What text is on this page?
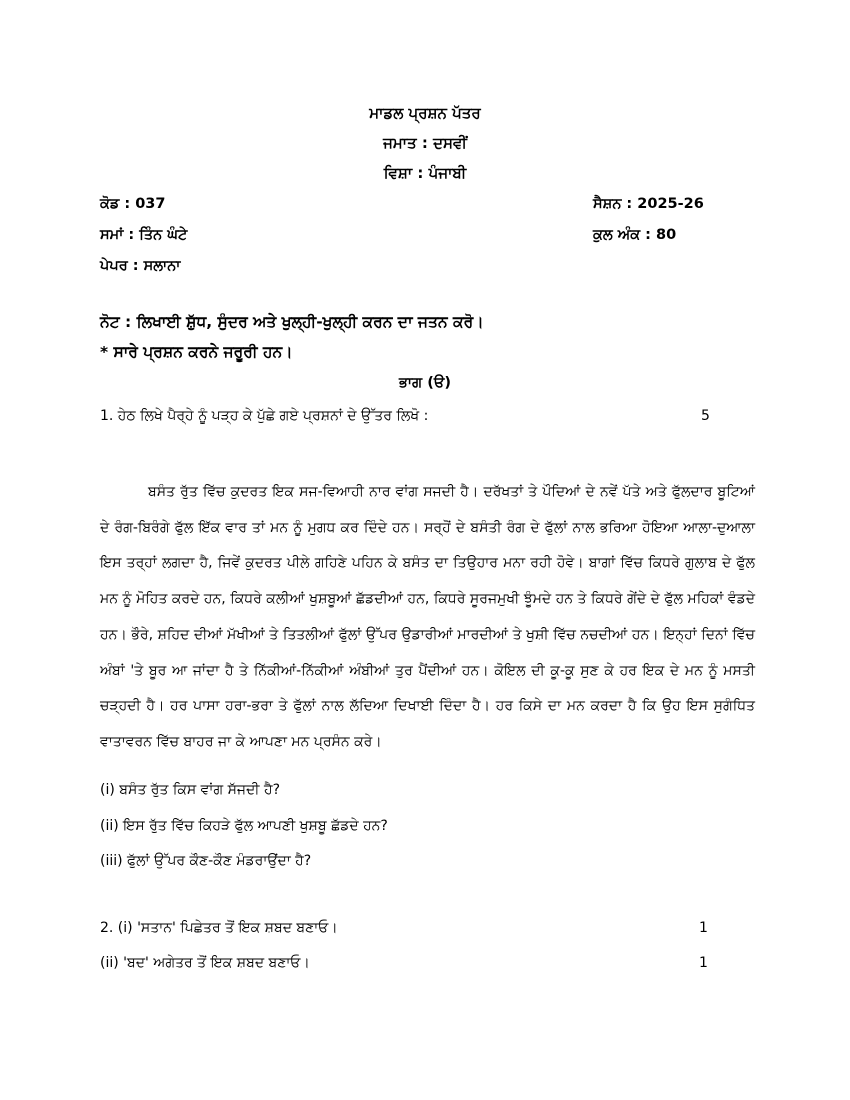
ਮਾਡਲ ਪ੍ਰਸ਼ਨ ਪੱਤਰ
ਜਮਾਤ : ਦਸਵੀਂ
ਵਿਸ਼ਾ : ਪੰਜਾਬੀ
ਕੋਡ : 037	ਸੈਸ਼ਨ : 2025-26
ਸਮਾਂ : ਤਿੰਨ ਘੰਟੇ	ਕੁਲ ਅੰਕ : 80
ਪੇਪਰ : ਸਲਾਨਾ
ਨੋਟ : ਲਿਖਾਈ ਸ਼ੁੱਧ, ਸੁੰਦਰ ਅਤੇ ਖੁਲ੍ਹੀ-ਖੁਲ੍ਹੀ ਕਰਨ ਦਾ ਜਤਨ ਕਰੋ।
* ਸਾਰੇ ਪ੍ਰਸ਼ਨ ਕਰਨੇ ਜਰੂਰੀ ਹਨ।
ਭਾਗ (ੳ)
1. ਹੇਠ ਲਿਖੇ ਪੈਰ੍ਹੇ ਨੂੰ ਪੜ੍ਹ ਕੇ ਪੁੱਛੇ ਗਏ ਪ੍ਰਸ਼ਨਾਂ ਦੇ ਉੱਤਰ ਲਿਖੋ :	5

ਬਸੰਤ ਰੁੱਤ ਵਿੱਚ ਕੁਦਰਤ ਇਕ ਸਜ-ਵਿਆਹੀ ਨਾਰ ਵਾਂਗ ਸਜਦੀ ਹੈ। ਦਰੱਖਤਾਂ ਤੇ ਪੌਦਿਆਂ ਦੇ ਨਵੇਂ ਪੱਤੇ ਅਤੇ ਫੁੱਲਦਾਰ ਬੂਟਿਆਂ ਦੇ ਰੰਗ-ਬਿਰੰਗੇ ਫੁੱਲ ਇੱਕ ਵਾਰ ਤਾਂ ਮਨ ਨੂੰ ਮੁਗਧ ਕਰ ਦਿੰਦੇ ਹਨ। ਸਰ੍ਹੋਂ ਦੇ ਬਸੰਤੀ ਰੰਗ ਦੇ ਫੁੱਲਾਂ ਨਾਲ ਭਰਿਆ ਹੋਇਆ ਆਲਾ-ਦੁਆਲਾ ਇਸ ਤਰ੍ਹਾਂ ਲਗਦਾ ਹੈ, ਜਿਵੇਂ ਕੁਦਰਤ ਪੀਲੇ ਗਹਿਣੇ ਪਹਿਨ ਕੇ ਬਸੰਤ ਦਾ ਤਿਉਹਾਰ ਮਨਾ ਰਹੀ ਹੋਵੇ। ਬਾਗਾਂ ਵਿੱਚ ਕਿਧਰੇ ਗੁਲਾਬ ਦੇ ਫੁੱਲ ਮਨ ਨੂੰ ਮੋਹਿਤ ਕਰਦੇ ਹਨ, ਕਿਧਰੇ ਕਲੀਆਂ ਖੁਸ਼ਬੂਆਂ ਛੱਡਦੀਆਂ ਹਨ, ਕਿਧਰੇ ਸੂਰਜਮੁਖੀ ਝੂੰਮਦੇ ਹਨ ਤੇ ਕਿਧਰੇ ਗੇਂਦੇ ਦੇ ਫੁੱਲ ਮਹਿਕਾਂ ਵੰਡਦੇ ਹਨ। ਭੌਰੇ, ਸ਼ਹਿਦ ਦੀਆਂ ਮੱਖੀਆਂ ਤੇ ਤਿਤਲੀਆਂ ਫੁੱਲਾਂ ਉੱਪਰ ਉਡਾਰੀਆਂ ਮਾਰਦੀਆਂ ਤੇ ਖੁਸ਼ੀ ਵਿੱਚ ਨਚਦੀਆਂ ਹਨ। ਇਨ੍ਹਾਂ ਦਿਨਾਂ ਵਿੱਚ ਅੰਬਾਂ 'ਤੇ ਬੂਰ ਆ ਜਾਂਦਾ ਹੈ ਤੇ ਨਿੱਕੀਆਂ-ਨਿੱਕੀਆਂ ਅੰਬੀਆਂ ਤੁਰ ਪੈਂਦੀਆਂ ਹਨ। ਕੋਇਲ ਦੀ ਕੂ-ਕੂ ਸੁਣ ਕੇ ਹਰ ਇਕ ਦੇ ਮਨ ਨੂੰ ਮਸਤੀ ਚੜ੍ਹਦੀ ਹੈ। ਹਰ ਪਾਸਾ ਹਰਾ-ਭਰਾ ਤੇ ਫੁੱਲਾਂ ਨਾਲ ਲੱਦਿਆ ਦਿਖਾਈ ਦਿੰਦਾ ਹੈ। ਹਰ ਕਿਸੇ ਦਾ ਮਨ ਕਰਦਾ ਹੈ ਕਿ ਉਹ ਇਸ ਸੁਗੰਧਿਤ ਵਾਤਾਵਰਨ ਵਿੱਚ ਬਾਹਰ ਜਾ ਕੇ ਆਪਣਾ ਮਨ ਪ੍ਰਸੰਨ ਕਰੇ।

(i) ਬਸੰਤ ਰੁੱਤ ਕਿਸ ਵਾਂਗ ਸੱਜਦੀ ਹੈ?
(ii) ਇਸ ਰੁੱਤ ਵਿੱਚ ਕਿਹੜੇ ਫੁੱਲ ਆਪਣੀ ਖੁਸ਼ਬੂ ਛੱਡਦੇ ਹਨ?
(iii) ਫੁੱਲਾਂ ਉੱਪਰ ਕੌਣ-ਕੌਣ ਮੰਡਰਾਉਂਦਾ ਹੈ?
2. (i) 'ਸਤਾਨ' ਪਿਛੇਤਰ ਤੋਂ ਇਕ ਸ਼ਬਦ ਬਣਾਓ।	1
(ii) 'ਬਦ' ਅਗੇਤਰ ਤੋਂ ਇਕ ਸ਼ਬਦ ਬਣਾਓ।	1
